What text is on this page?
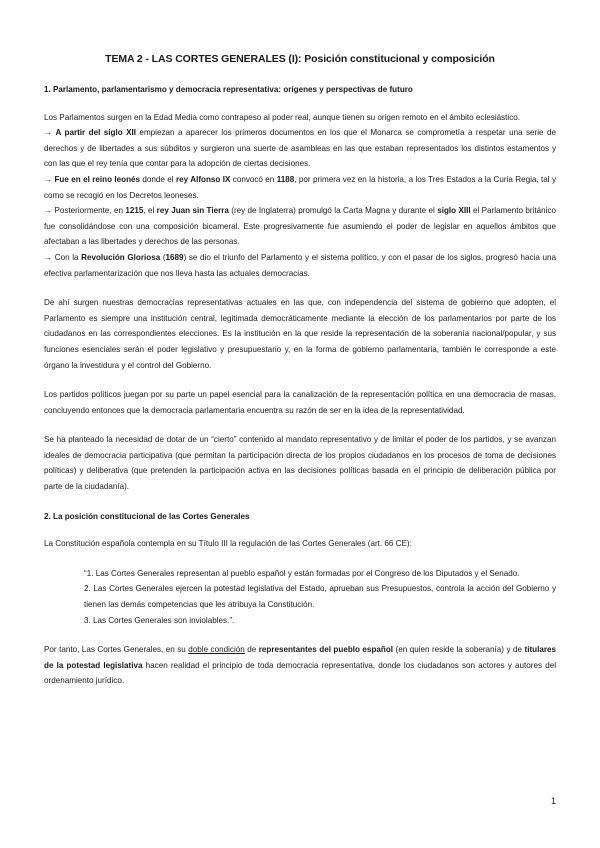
TEMA 2 - LAS CORTES GENERALES (I): Posición constitucional y composición
1. Parlamento, parlamentarismo y democracia representativa: orígenes y perspectivas de futuro

Los Parlamentos surgen en la Edad Media como contrapeso al poder real, aunque tienen su origen remoto en el ámbito eclesiástico.
→ A partir del siglo XII empiezan a aparecer los primeros documentos en los que el Monarca se comprometía a respetar una serie de derechos y de libertades a sus súbditos y surgieron una suerte de asambleas en las que estaban representados los distintos estamentos y con las que el rey tenía que contar para la adopción de ciertas decisiones.
→ Fue en el reino leonés donde el rey Alfonso IX convocó en 1188, por primera vez en la historia, a los Tres Estados a la Curia Regia, tal y como se recogió en los Decretos leoneses.
→ Posteriormente, en 1215, el rey Juan sin Tierra (rey de Inglaterra) promulgó la Carta Magna y durante el siglo XIII el Parlamento británico fue consolidándose con una composición bicameral. Este progresivamente fue asumiendo el poder de legislar en aquellos ámbitos que afectaban a las libertades y derechos de las personas.
→ Con la Revolución Gloriosa (1689) se dio el triunfo del Parlamento y el sistema político, y con el pasar de los siglos, progresó hacia una efectiva parlamentarización que nos lleva hasta las actuales democracias.

De ahí surgen nuestras democracias representativas actuales en las que, con independencia del sistema de gobierno que adopten, el Parlamento es siempre una institución central, legitimada democráticamente mediante la elección de los parlamentarios por parte de los ciudadanos en las correspondientes elecciones. Es la institución en la que reside la representación de la soberanía nacional/popular, y sus funciones esenciales serán el poder legislativo y presupuestario y, en la forma de gobierno parlamentaria, también le corresponde a este órgano la investidura y el control del Gobierno.

Los partidos políticos juegan por su parte un papel esencial para la canalización de la representación política en una democracia de masas, concluyendo entonces que la democracia parlamentaria encuentra su razón de ser en la idea de la representatividad.

Se ha planteado la necesidad de dotar de un “cierto” contenido al mandato representativo y de limitar el poder de los partidos, y se avanzan ideales de democracia participativa (que permitan la participación directa de los propios ciudadanos en los procesos de toma de decisiones políticas) y deliberativa (que pretenden la participación activa en las decisiones políticas basada en el principio de deliberación pública por parte de la ciudadanía).

2. La posición constitucional de las Cortes Generales

La Constitución española contempla en su Título III la regulación de las Cortes Generales (art. 66 CE):

“1. Las Cortes Generales representan al pueblo español y están formadas por el Congreso de los Diputados y el Senado.

2. Las Cortes Generales ejercen la potestad legislativa del Estado, aprueban sus Presupuestos, controla la acción del Gobierno y tienen las demás competencias que les atribuya la Constitución.

3. Las Cortes Generales son inviolables.”.

Por tanto, Las Cortes Generales, en su doble condición de representantes del pueblo español (en quien reside la soberanía) y de titulares de la potestad legislativa hacen realidad el principio de toda democracia representativa, donde los ciudadanos son actores y autores del ordenamiento jurídico.

1
